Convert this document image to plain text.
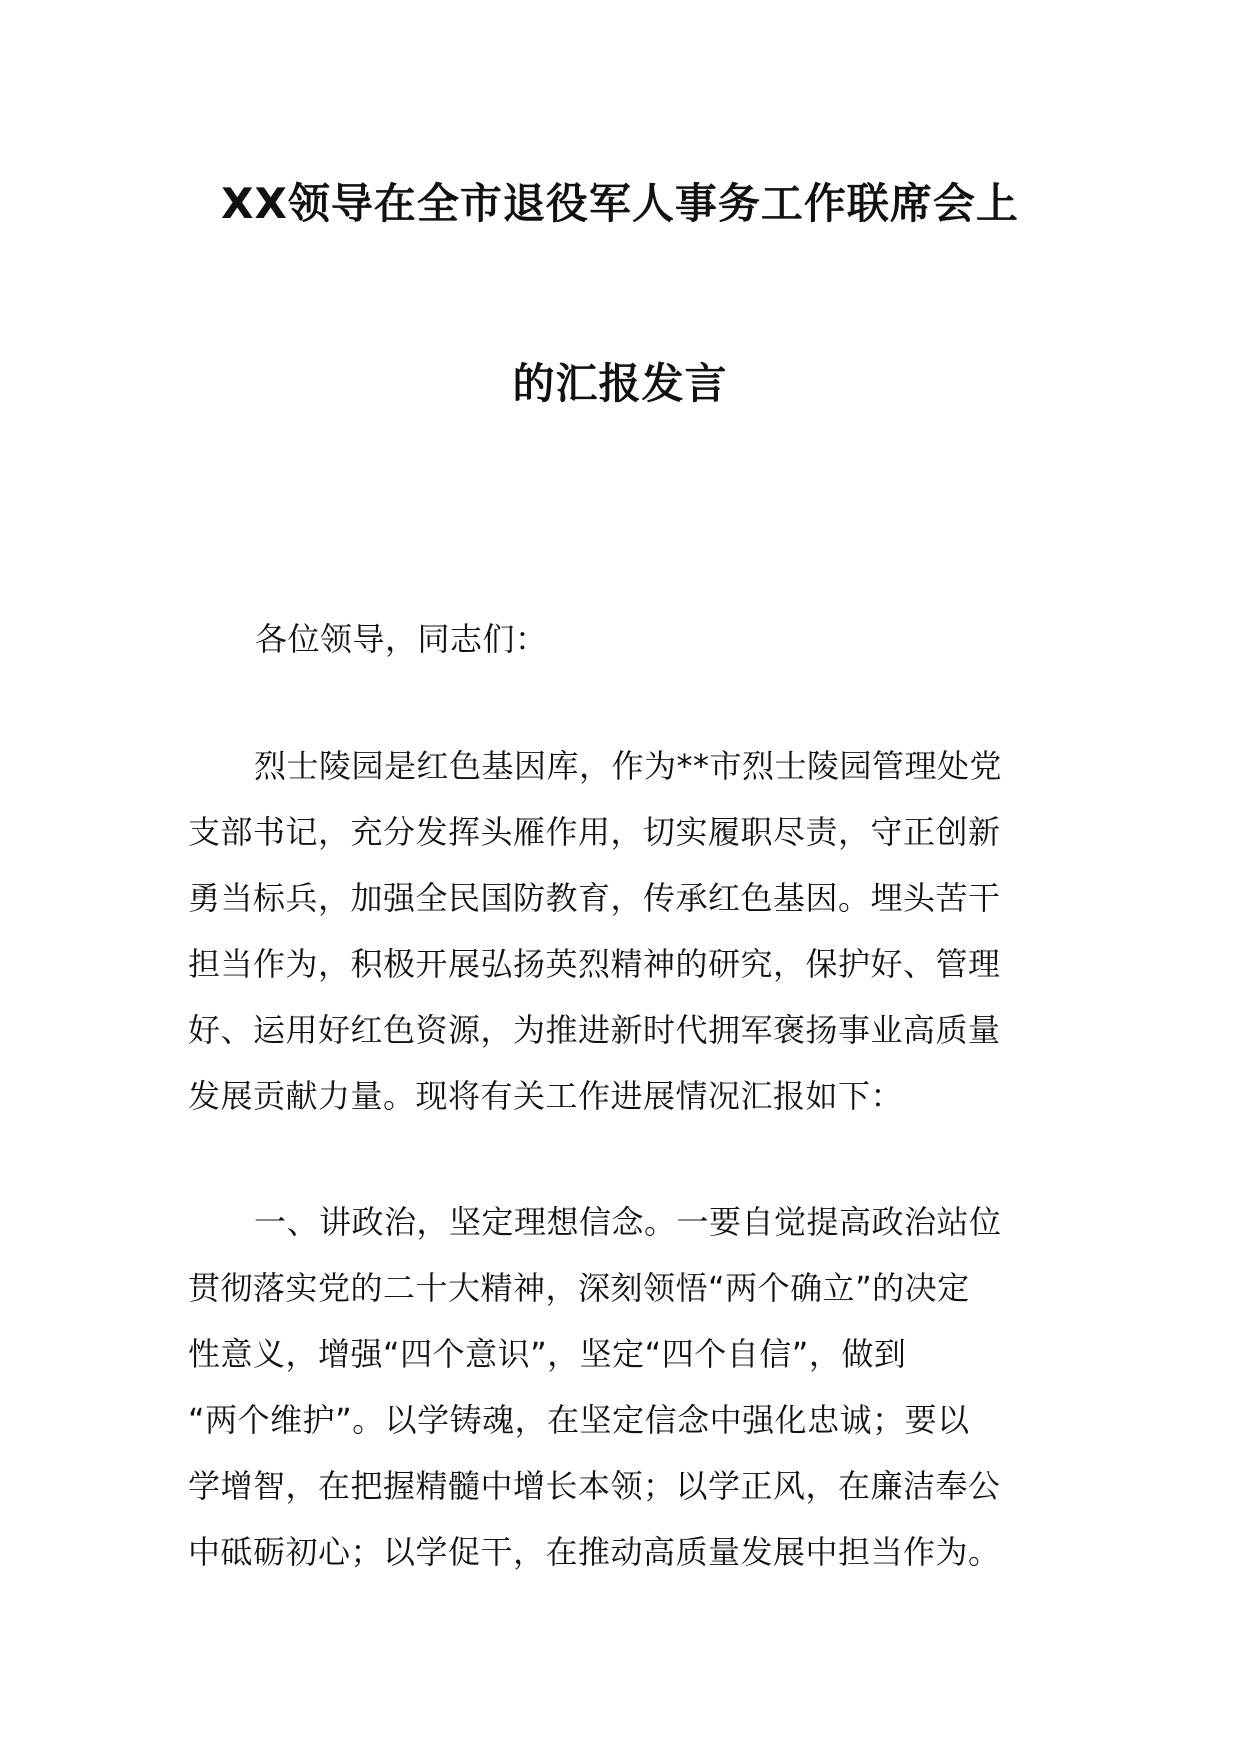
XX领导在全市退役军人事务工作联席会上
的汇报发言
各位领导，同志们：
烈士陵园是红色基因库，作为**市烈士陵园管理处党
支部书记，充分发挥头雁作用，切实履职尽责，守正创新
勇当标兵，加强全民国防教育，传承红色基因。埋头苦干
担当作为，积极开展弘扬英烈精神的研究，保护好、管理
好、运用好红色资源，为推进新时代拥军褒扬事业高质量
发展贡献力量。现将有关工作进展情况汇报如下：
一、讲政治，坚定理想信念。一要自觉提高政治站位
贯彻落实党的二十大精神，深刻领悟“两个确立”的决定
性意义，增强“四个意识”，坚定“四个自信”，做到
“两个维护”。以学铸魂，在坚定信念中强化忠诚；要以
学增智，在把握精髓中增长本领；以学正风，在廉洁奉公
中砥砺初心；以学促干，在推动高质量发展中担当作为。
